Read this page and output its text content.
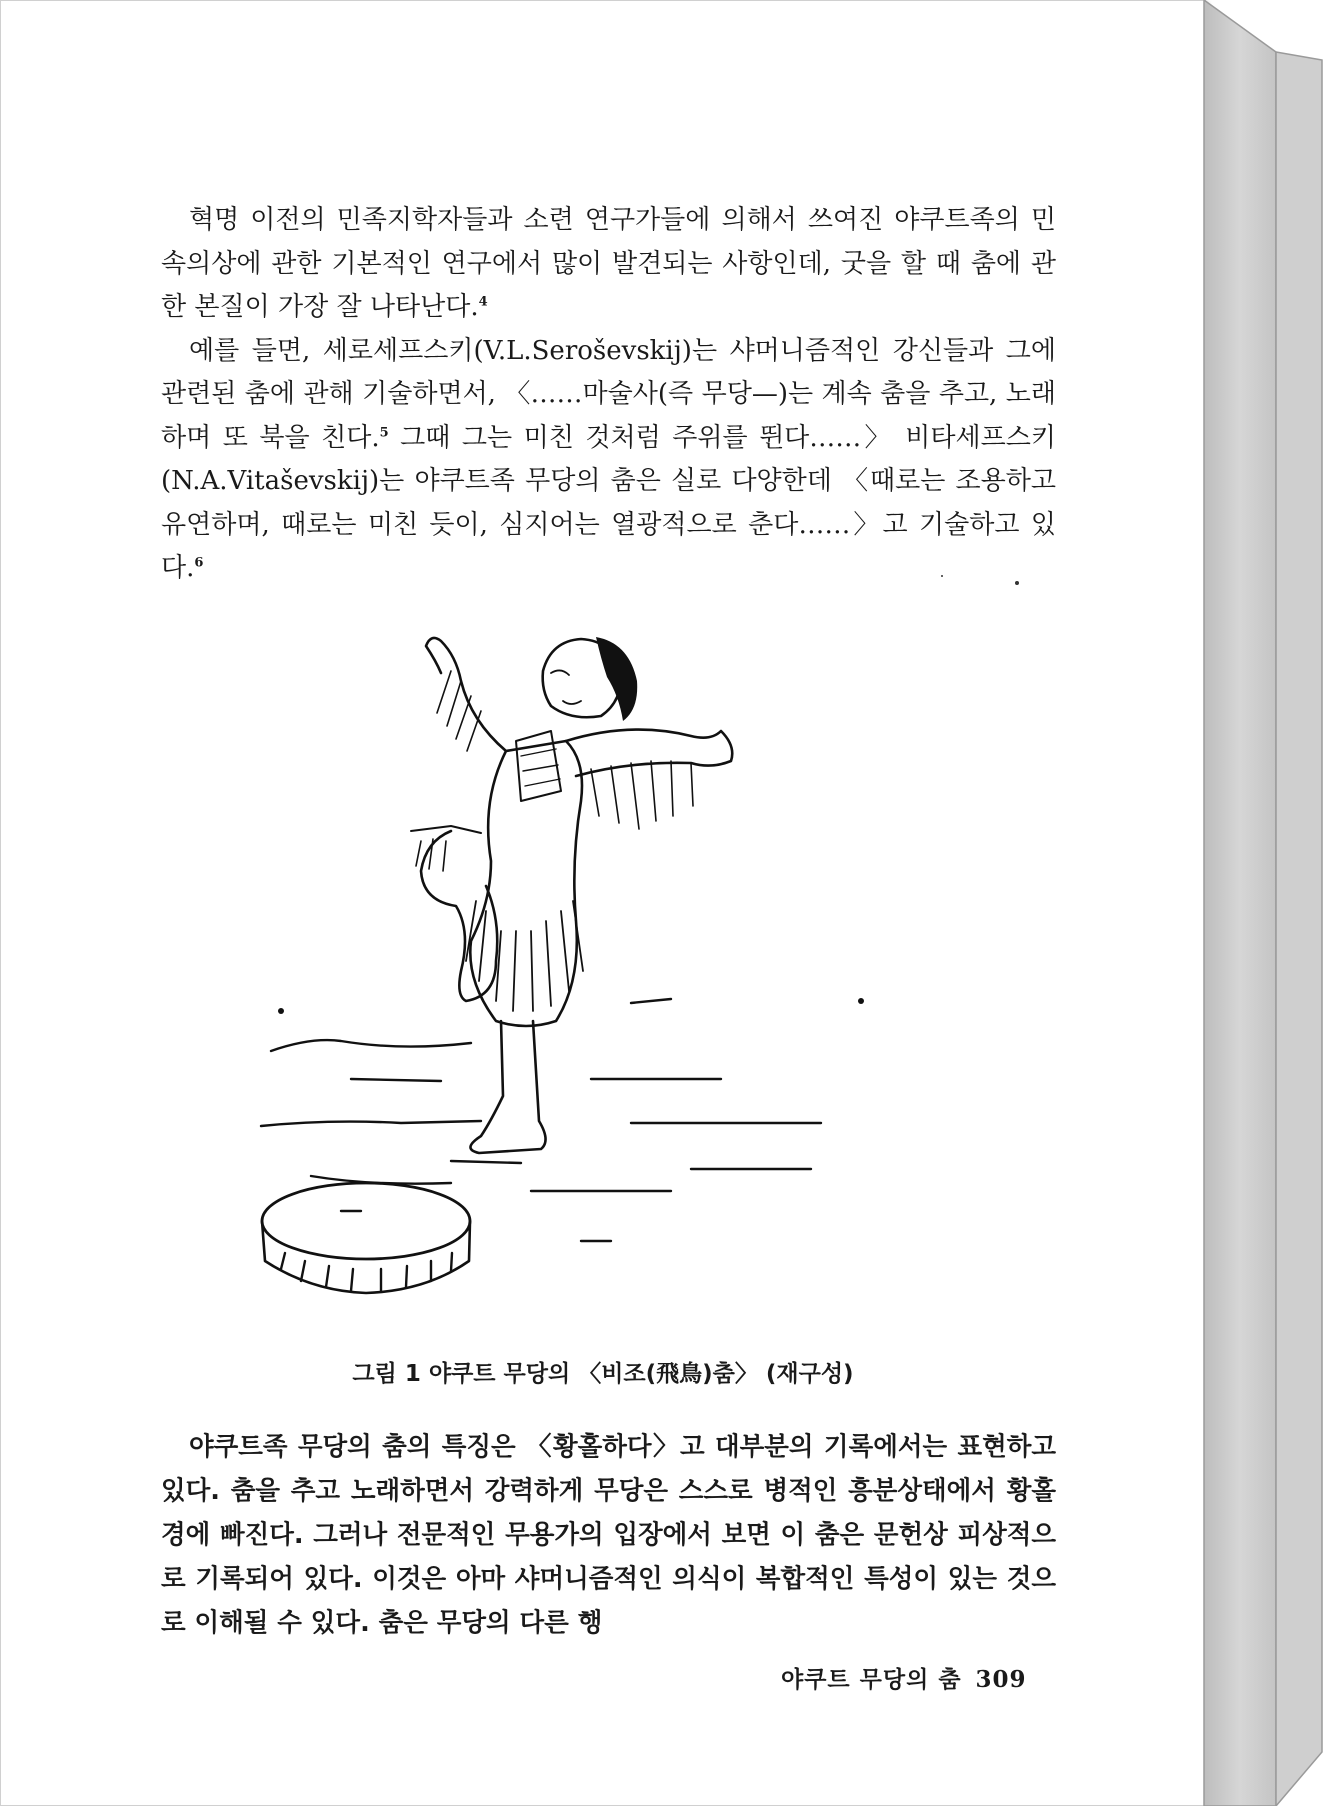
혁명 이전의 민족지학자들과 소련 연구가들에 의해서 쓰여진 야쿠트족의 민속의상에 관한 기본적인 연구에서 많이 발견되는 사항인데, 굿을 할 때 춤에 관한 본질이 가장 잘 나타난다.$^4$

예를 들면, 세로세프스키(V.L.Seroševskij)는 샤머니즘적인 강신들과 그에 관련된 춤에 관해 기술하면서, 〈……마술사(즉 무당—)는 계속 춤을 추고, 노래하며 또 북을 친다.$^5$ 그때 그는 미친 것처럼 주위를 뛴다……〉 비타세프스키(N.A.Vitaševskij)는 야쿠트족 무당의 춤은 실로 다양한데 〈때로는 조용하고 유연하며, 때로는 미친 듯이, 심지어는 열광적으로 춘다……〉고 기술하고 있다.$^6$

그림 1 야쿠트 무당의 〈비조(飛鳥)춤〉 (재구성)

야쿠트족 무당의 춤의 특징은 〈황홀하다〉고 대부분의 기록에서는 표현하고 있다. 춤을 추고 노래하면서 강력하게 무당은 스스로 병적인 흥분상태에서 황홀경에 빠진다. 그러나 전문적인 무용가의 입장에서 보면 이 춤은 문헌상 피상적으로 기록되어 있다. 이것은 아마 샤머니즘적인 의식이 복합적인 특성이 있는 것으로 이해될 수 있다. 춤은 무당의 다른 행

야쿠트 무당의 춤 309
